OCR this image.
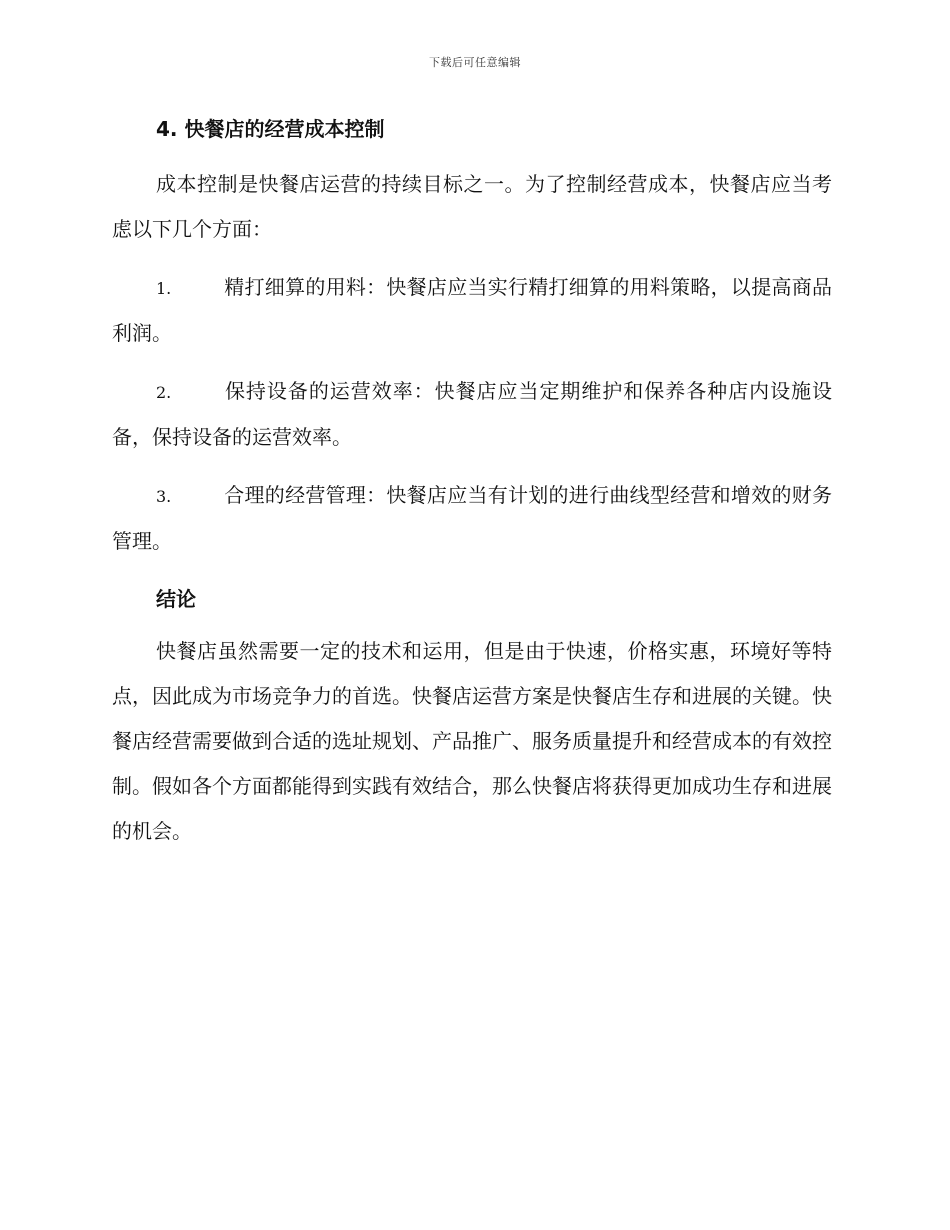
下载后可任意编辑
4. 快餐店的经营成本控制

成本控制是快餐店运营的持续目标之一。为了控制经营成本，快餐店应当考虑以下几个方面：

1.	精打细算的用料：快餐店应当实行精打细算的用料策略，以提高商品利润。

2.	保持设备的运营效率：快餐店应当定期维护和保养各种店内设施设备，保持设备的运营效率。

3.	合理的经营管理：快餐店应当有计划的进行曲线型经营和增效的财务管理。

结论

快餐店虽然需要一定的技术和运用，但是由于快速，价格实惠，环境好等特点，因此成为市场竞争力的首选。快餐店运营方案是快餐店生存和进展的关键。快餐店经营需要做到合适的选址规划、产品推广、服务质量提升和经营成本的有效控制。假如各个方面都能得到实践有效结合，那么快餐店将获得更加成功生存和进展的机会。
